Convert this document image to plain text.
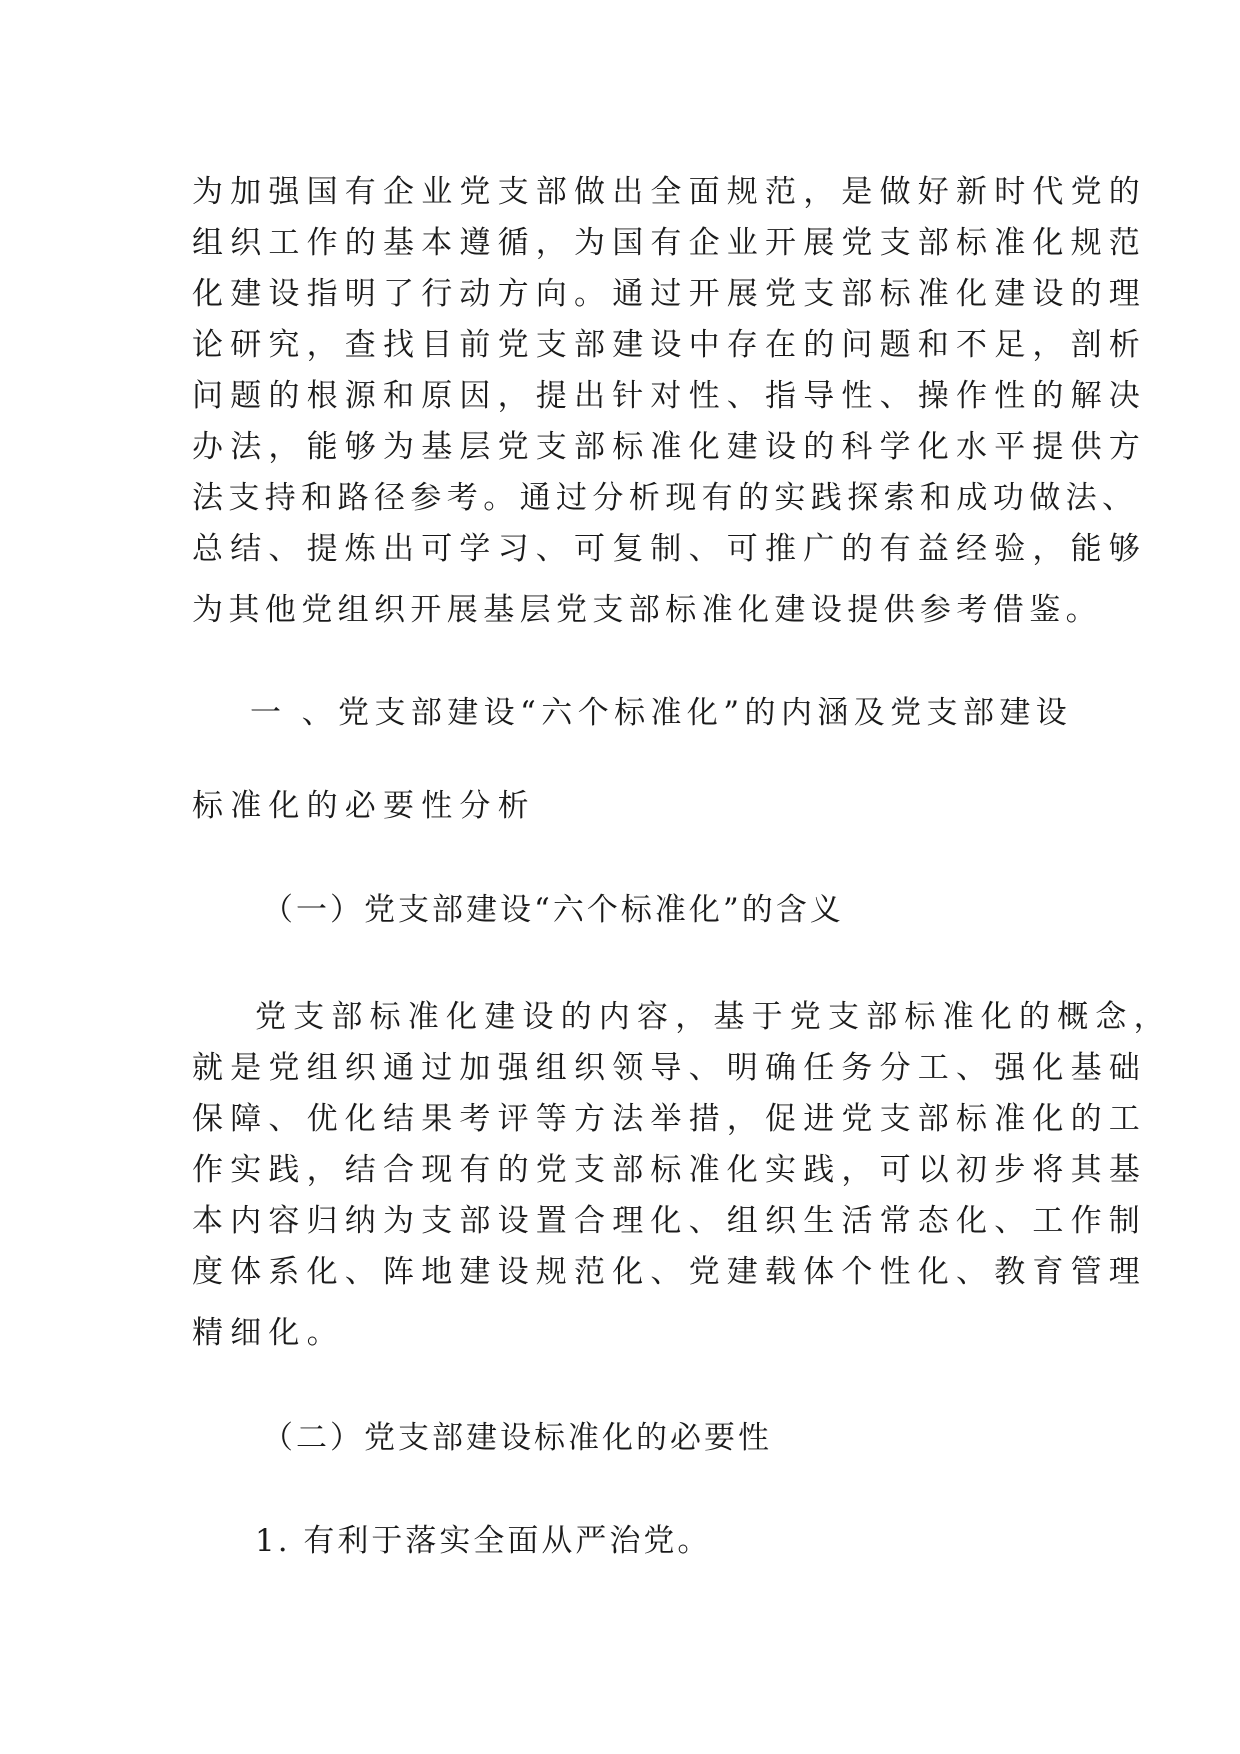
为加强国有企业党支部做出全面规范，是做好新时代党的
组织工作的基本遵循，为国有企业开展党支部标准化规范
化建设指明了行动方向。通过开展党支部标准化建设的理
论研究，查找目前党支部建设中存在的问题和不足，剖析
问题的根源和原因，提出针对性、指导性、操作性的解决
办法，能够为基层党支部标准化建设的科学化水平提供方
法支持和路径参考。通过分析现有的实践探索和成功做法、
总结、提炼出可学习、可复制、可推广的有益经验，能够
为其他党组织开展基层党支部标准化建设提供参考借鉴。
一 、党支部建设“六个标准化”的内涵及党支部建设
标准化的必要性分析
（一）党支部建设“六个标准化”的含义
党支部标准化建设的内容，基于党支部标准化的概念，
就是党组织通过加强组织领导、明确任务分工、强化基础
保障、优化结果考评等方法举措，促进党支部标准化的工
作实践，结合现有的党支部标准化实践，可以初步将其基
本内容归纳为支部设置合理化、组织生活常态化、工作制
度体系化、阵地建设规范化、党建载体个性化、教育管理
精细化。
（二）党支部建设标准化的必要性
1. 有利于落实全面从严治党。
